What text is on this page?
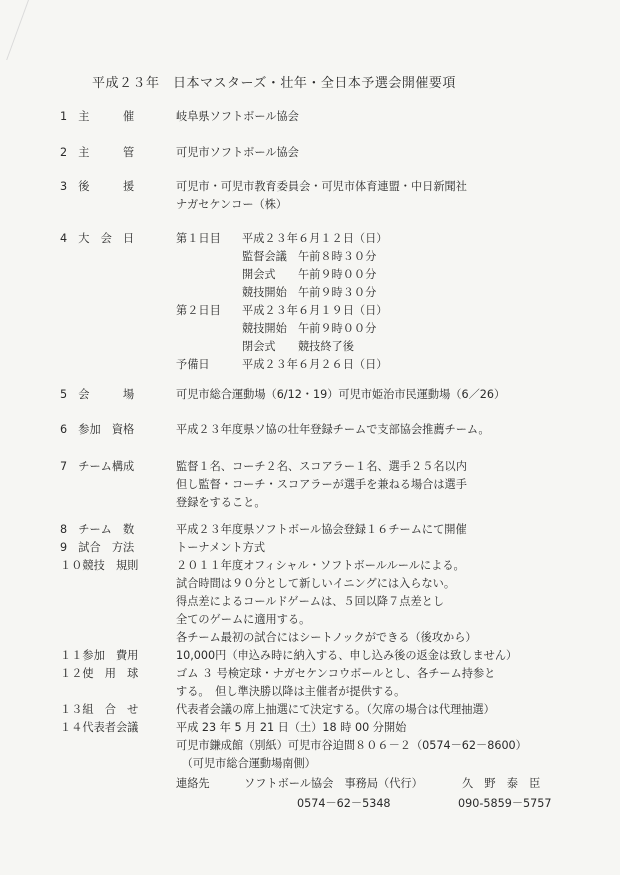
平成２３年　日本マスターズ・壮年・全日本予選会開催要項
1　主　　　催	岐阜県ソフトボール協会
2　主　　　管	可児市ソフトボール協会
3　後　　　援	可児市・可児市教育委員会・可児市体育連盟・中日新聞社
ナガセケンコー（株）
4　大　会　日	第１日目 平成２３年６月１２日（日）
監督会議　午前８時３０分
開会式　　午前９時００分
競技開始　午前９時３０分
第２日目 平成２３年６月１９日（日）
競技開始　午前９時００分
閉会式　　競技終了後
予備日	平成２３年６月２６日（日）
5　会　　　場	可児市総合運動場（6/12・19）可児市姫治市民運動場（6／26）
6　参加　資格	平成２３年度県ソ協の壮年登録チームで支部協会推薦チーム。
7　チーム構成	監督１名、コーチ２名、スコアラー１名、選手２５名以内
但し監督・コーチ・スコアラーが選手を兼ねる場合は選手
登録をすること。
8　チーム　数	平成２３年度県ソフトボール協会登録１６チームにて開催
9　試合　方法	トーナメント方式
１０競技　規則	２０１１年度オフィシャル・ソフトボールルールによる。
試合時間は９０分として新しいイニングには入らない。
得点差によるコールドゲームは、５回以降７点差とし
全てのゲームに適用する。
各チーム最初の試合にはシートノックができる（後攻から）
１１参加　費用	10,000円（申込み時に納入する、申し込み後の返金は致しません）
１２使　用　球	ゴム ３ 号検定球・ナガセケンコウボールとし、各チーム持参と
する。　但し準決勝以降は主催者が提供する。
１３組　合　せ	代表者会議の席上抽選にて決定する。（欠席の場合は代理抽選）
１４代表者会議	平成 23 年 5 月 21 日（土）18 時 00 分開始
可児市鎌成館（別紙）可児市谷迫間８０６－２（0574－62－8600）
　（可児市総合運動場南側）
連絡先	ソフトボール協会　事務局（代行）	久　野　泰　臣
0574－62－5348	090-5859－5757
